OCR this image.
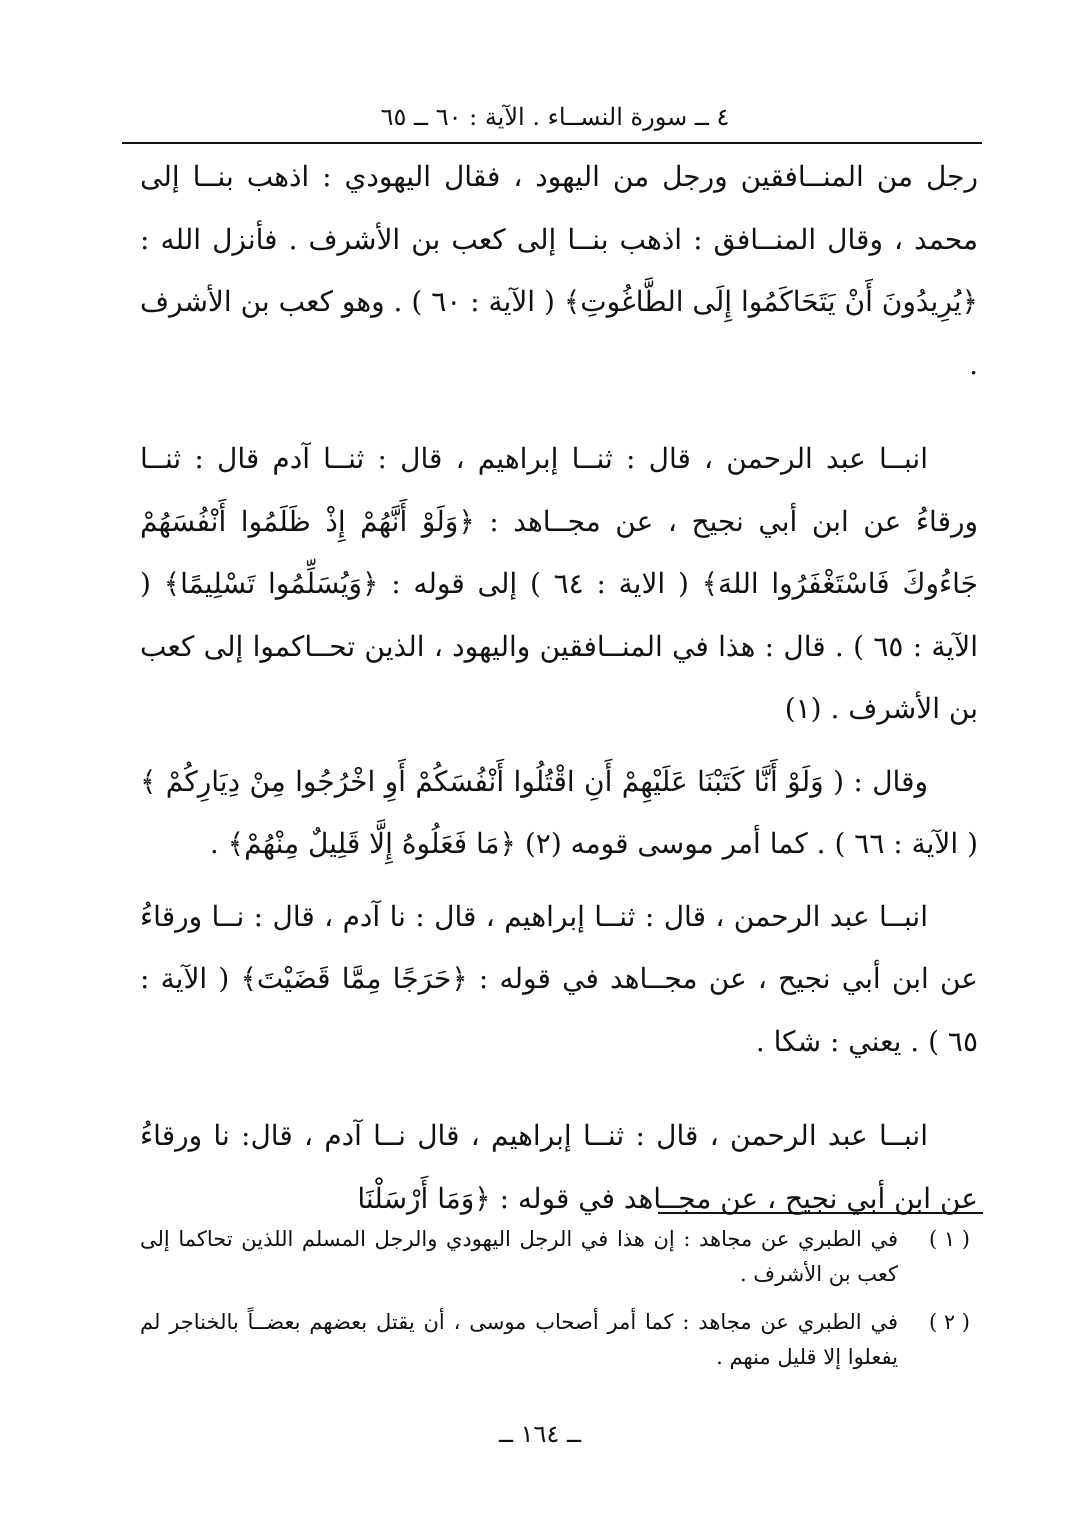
٤ ــ سورة النســاء . الآية : ٦٠ ــ ٦٥

رجل من المنــافقين ورجل من اليهود ، فقال اليهودي : اذهب بنــا إلى محمد ، وقال المنــافق : اذهب بنــا إلى كعب بن الأشرف . فأنزل الله : ﴿يُرِيدُونَ أَنْ يَتَحَاكَمُوا إِلَى الطَّاغُوتِ﴾ ( الآية : ٦٠ ) . وهو كعب بن الأشرف .

انبــا عبد الرحمن ، قال : ثنــا إبراهيم ، قال : ثنــا آدم قال : ثنــا ورقاءُ عن ابن أبي نجيح ، عن مجــاهد : ﴿وَلَوْ أَنَّهُمْ إِذْ ظَلَمُوا أَنْفُسَهُمْ جَاءُوكَ فَاسْتَغْفَرُوا اللهَ﴾ ( الاية : ٦٤ ) إلى قوله : ﴿وَيُسَلِّمُوا تَسْلِيمًا﴾ ( الآية : ٦٥ ) . قال : هذا في المنــافقين واليهود ، الذين تحــاكموا إلى كعب بن الأشرف . (١)

وقال : ( وَلَوْ أَنَّا كَتَبْنَا عَلَيْهِمْ أَنِ اقْتُلُوا أَنْفُسَكُمْ أَوِ اخْرُجُوا مِنْ دِيَارِكُمْ ﴾ ( الآية : ٦٦ ) . كما أمر موسى قومه (٢) ﴿مَا فَعَلُوهُ إِلَّا قَلِيلٌ مِنْهُمْ﴾ .

انبــا عبد الرحمن ، قال : ثنــا إبراهيم ، قال : نا آدم ، قال : نــا ورقاءُ عن ابن أبي نجيح ، عن مجــاهد في قوله : ﴿حَرَجًا مِمَّا قَضَيْتَ﴾ ( الآية : ٦٥ ) . يعني : شكا .

انبــا عبد الرحمن ، قال : ثنــا إبراهيم ، قال نــا آدم ، قال: نا ورقاءُ عن ابن أبي نجيح ، عن مجــاهد في قوله : ﴿وَمَا أَرْسَلْنَا

( ١ )
في الطبري عن مجاهد : إن هذا في الرجل اليهودي والرجل المسلم اللذين تحاكما إلى كعب بن الأشرف .
( ٢ )
في الطبري عن مجاهد : كما أمر أصحاب موسى ، أن يقتل بعضهم بعضــاً بالخناجر لم يفعلوا إلا قليل منهم .
ــ ١٦٤ ــ
